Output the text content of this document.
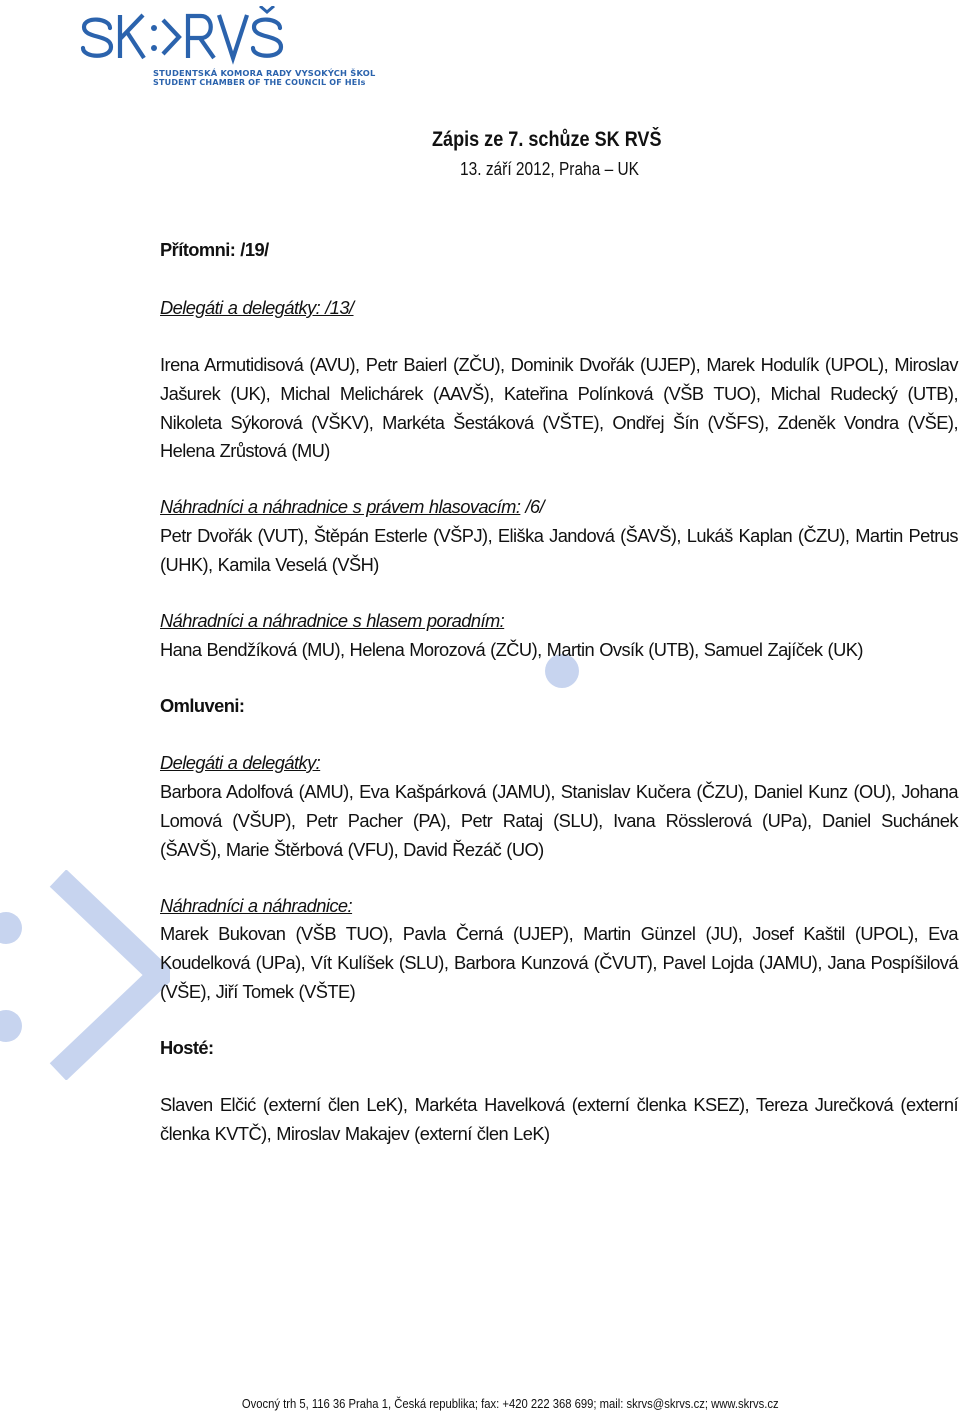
STUDENTSKÁ KOMORA RADY VYSOKÝCH ŠKOL
STUDENT CHAMBER OF THE COUNCIL OF HEIs
Zápis ze 7. schůze SK RVŠ
13. září 2012, Praha – UK
Přítomni: /19/
Delegáti a delegátky: /13/
Irena Armutidisová (AVU), Petr Baierl (ZČU), Dominik Dvořák (UJEP), Marek Hodulík (UPOL), Miroslav Jašurek (UK), Michal Melichárek (AAVŠ), Kateřina Polínková (VŠB TUO), Michal Rudecký (UTB), Nikoleta Sýkorová (VŠKV), Markéta Šestáková (VŠTE), Ondřej Šín (VŠFS), Zdeněk Vondra (VŠE), Helena Zrůstová (MU)
Náhradníci a náhradnice s právem hlasovacím: /6/
Petr Dvořák (VUT), Štěpán Esterle (VŠPJ), Eliška Jandová (ŠAVŠ), Lukáš Kaplan (ČZU), Martin Petrus (UHK), Kamila Veselá (VŠH)
Náhradníci a náhradnice s hlasem poradním:
Hana Bendžíková (MU), Helena Morozová (ZČU), Martin Ovsík (UTB), Samuel Zajíček (UK)
Omluveni:
Delegáti a delegátky:
Barbora Adolfová (AMU), Eva Kašpárková (JAMU), Stanislav Kučera (ČZU), Daniel Kunz (OU), Johana Lomová (VŠUP), Petr Pacher (PA), Petr Rataj (SLU), Ivana Rösslerová (UPa), Daniel Suchánek (ŠAVŠ), Marie Štěrbová (VFU), David Řezáč (UO)
Náhradníci a náhradnice:
Marek Bukovan (VŠB TUO), Pavla Černá (UJEP), Martin Günzel (JU), Josef Kaštil (UPOL), Eva Koudelková (UPa), Vít Kulíšek (SLU), Barbora Kunzová (ČVUT), Pavel Lojda (JAMU), Jana Pospíšilová (VŠE), Jiří Tomek (VŠTE)
Hosté:
Slaven Elčić (externí člen LeK), Markéta Havelková (externí členka KSEZ), Tereza Jurečková (externí členka KVTČ), Miroslav Makajev (externí člen LeK)
Ovocný trh 5, 116 36 Praha 1, Česká republika; fax: +420 222 368 699; mail: skrvs@skrvs.cz; www.skrvs.cz
